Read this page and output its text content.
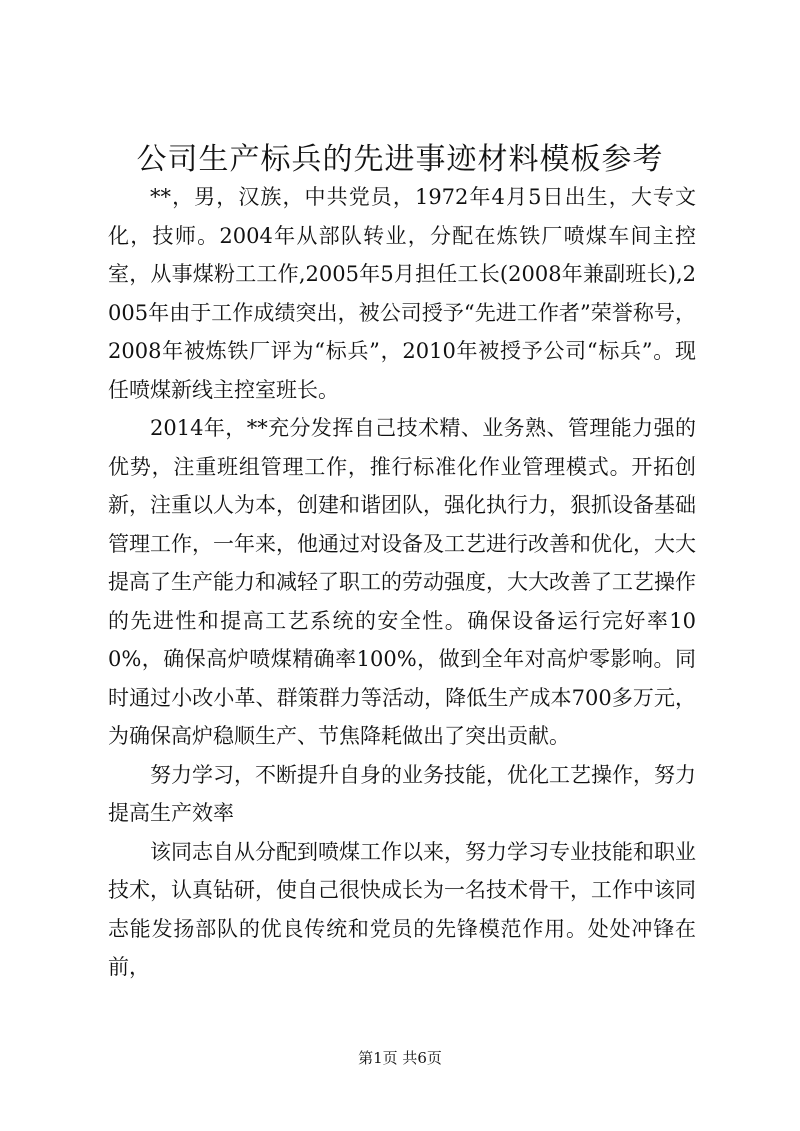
公司生产标兵的先进事迹材料模板参考

**，男，汉族，中共党员，1972年4月5日出生，大专文化，技师。2004年从部队转业，分配在炼铁厂喷煤车间主控室，从事煤粉工工作,2005年5月担任工长(2008年兼副班长),2005年由于工作成绩突出，被公司授予“先进工作者”荣誉称号，2008年被炼铁厂评为“标兵”，2010年被授予公司“标兵”。现任喷煤新线主控室班长。

2014年，**充分发挥自己技术精、业务熟、管理能力强的优势，注重班组管理工作，推行标准化作业管理模式。开拓创新，注重以人为本，创建和谐团队，强化执行力，狠抓设备基础管理工作，一年来，他通过对设备及工艺进行改善和优化，大大提高了生产能力和减轻了职工的劳动强度，大大改善了工艺操作的先进性和提高工艺系统的安全性。确保设备运行完好率100%，确保高炉喷煤精确率100%，做到全年对高炉零影响。同时通过小改小革、群策群力等活动，降低生产成本700多万元，为确保高炉稳顺生产、节焦降耗做出了突出贡献。

努力学习，不断提升自身的业务技能，优化工艺操作，努力提高生产效率

该同志自从分配到喷煤工作以来，努力学习专业技能和职业技术，认真钻研，使自己很快成长为一名技术骨干，工作中该同志能发扬部队的优良传统和党员的先锋模范作用。处处冲锋在前，

第1页 共6页
